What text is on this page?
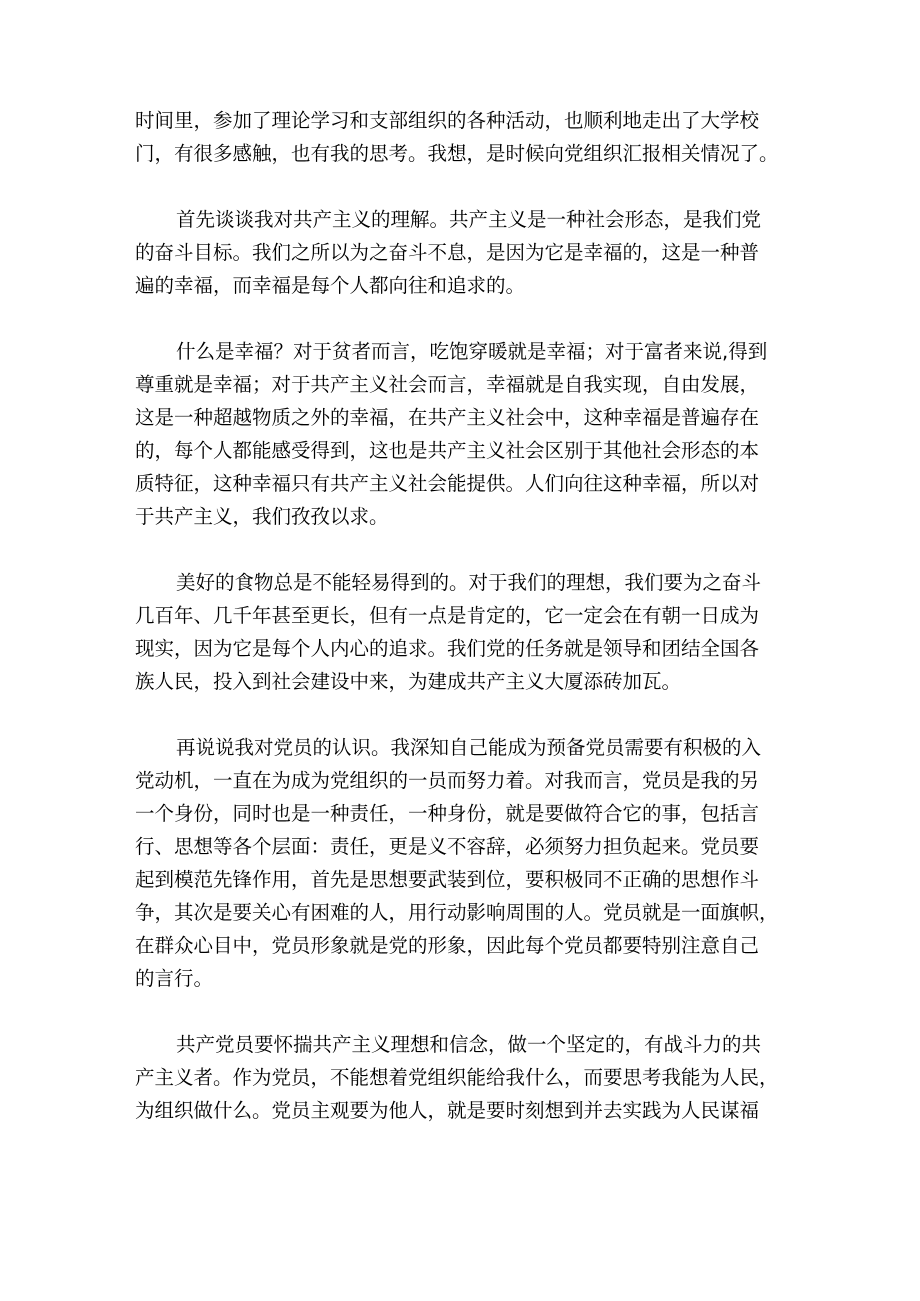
时间里，参加了理论学习和支部组织的各种活动，也顺利地走出了大学校
门，有很多感触，也有我的思考。我想，是时候向党组织汇报相关情况了。
首先谈谈我对共产主义的理解。共产主义是一种社会形态，是我们党
的奋斗目标。我们之所以为之奋斗不息，是因为它是幸福的，这是一种普
遍的幸福，而幸福是每个人都向往和追求的。
什么是幸福？对于贫者而言，吃饱穿暖就是幸福；对于富者来说,得到
尊重就是幸福；对于共产主义社会而言，幸福就是自我实现，自由发展，
这是一种超越物质之外的幸福，在共产主义社会中，这种幸福是普遍存在
的，每个人都能感受得到，这也是共产主义社会区别于其他社会形态的本
质特征，这种幸福只有共产主义社会能提供。人们向往这种幸福，所以对
于共产主义，我们孜孜以求。
美好的食物总是不能轻易得到的。对于我们的理想，我们要为之奋斗
几百年、几千年甚至更长，但有一点是肯定的，它一定会在有朝一日成为
现实，因为它是每个人内心的追求。我们党的任务就是领导和团结全国各
族人民，投入到社会建设中来，为建成共产主义大厦添砖加瓦。
再说说我对党员的认识。我深知自己能成为预备党员需要有积极的入
党动机，一直在为成为党组织的一员而努力着。对我而言，党员是我的另
一个身份，同时也是一种责任，一种身份，就是要做符合它的事，包括言
行、思想等各个层面：责任，更是义不容辞，必须努力担负起来。党员要
起到模范先锋作用，首先是思想要武装到位，要积极同不正确的思想作斗
争，其次是要关心有困难的人，用行动影响周围的人。党员就是一面旗帜，
在群众心目中，党员形象就是党的形象，因此每个党员都要特别注意自己
的言行。
共产党员要怀揣共产主义理想和信念，做一个坚定的，有战斗力的共
产主义者。作为党员，不能想着党组织能给我什么，而要思考我能为人民，
为组织做什么。党员主观要为他人，就是要时刻想到并去实践为人民谋福
